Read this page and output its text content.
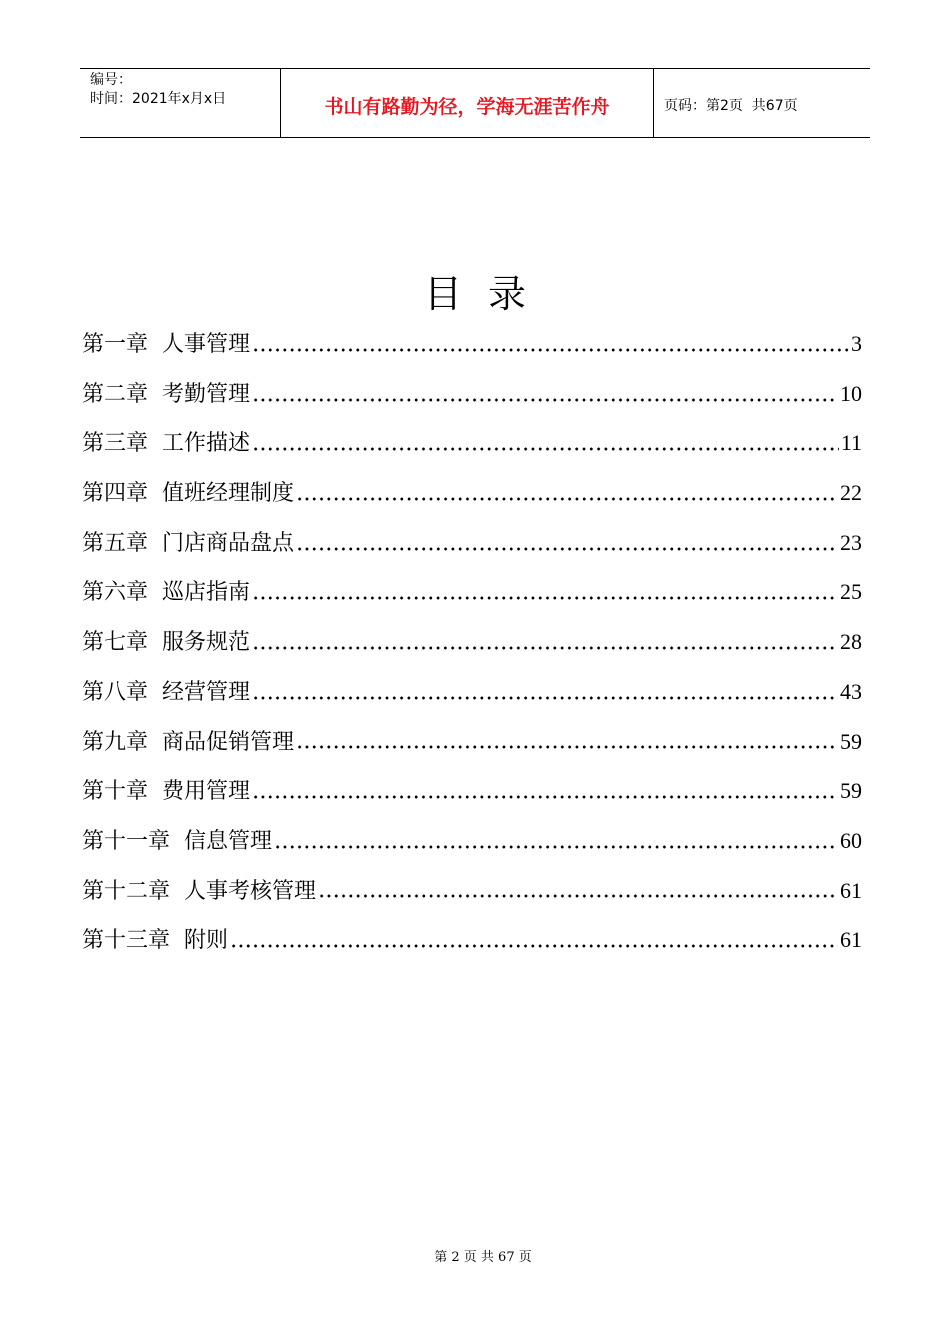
编号：
时间：2021年x月x日	书山有路勤为径，学海无涯苦作舟	页码：第2页  共67页
目录
第一章 人事管理	3
第二章 考勤管理	10
第三章 工作描述	11
第四章 值班经理制度	22
第五章 门店商品盘点	23
第六章 巡店指南	25
第七章 服务规范	28
第八章 经营管理	43
第九章 商品促销管理	59
第十章 费用管理	59
第十一章 信息管理	60
第十二章 人事考核管理	61
第十三章 附则	61
第 2 页 共 67 页
